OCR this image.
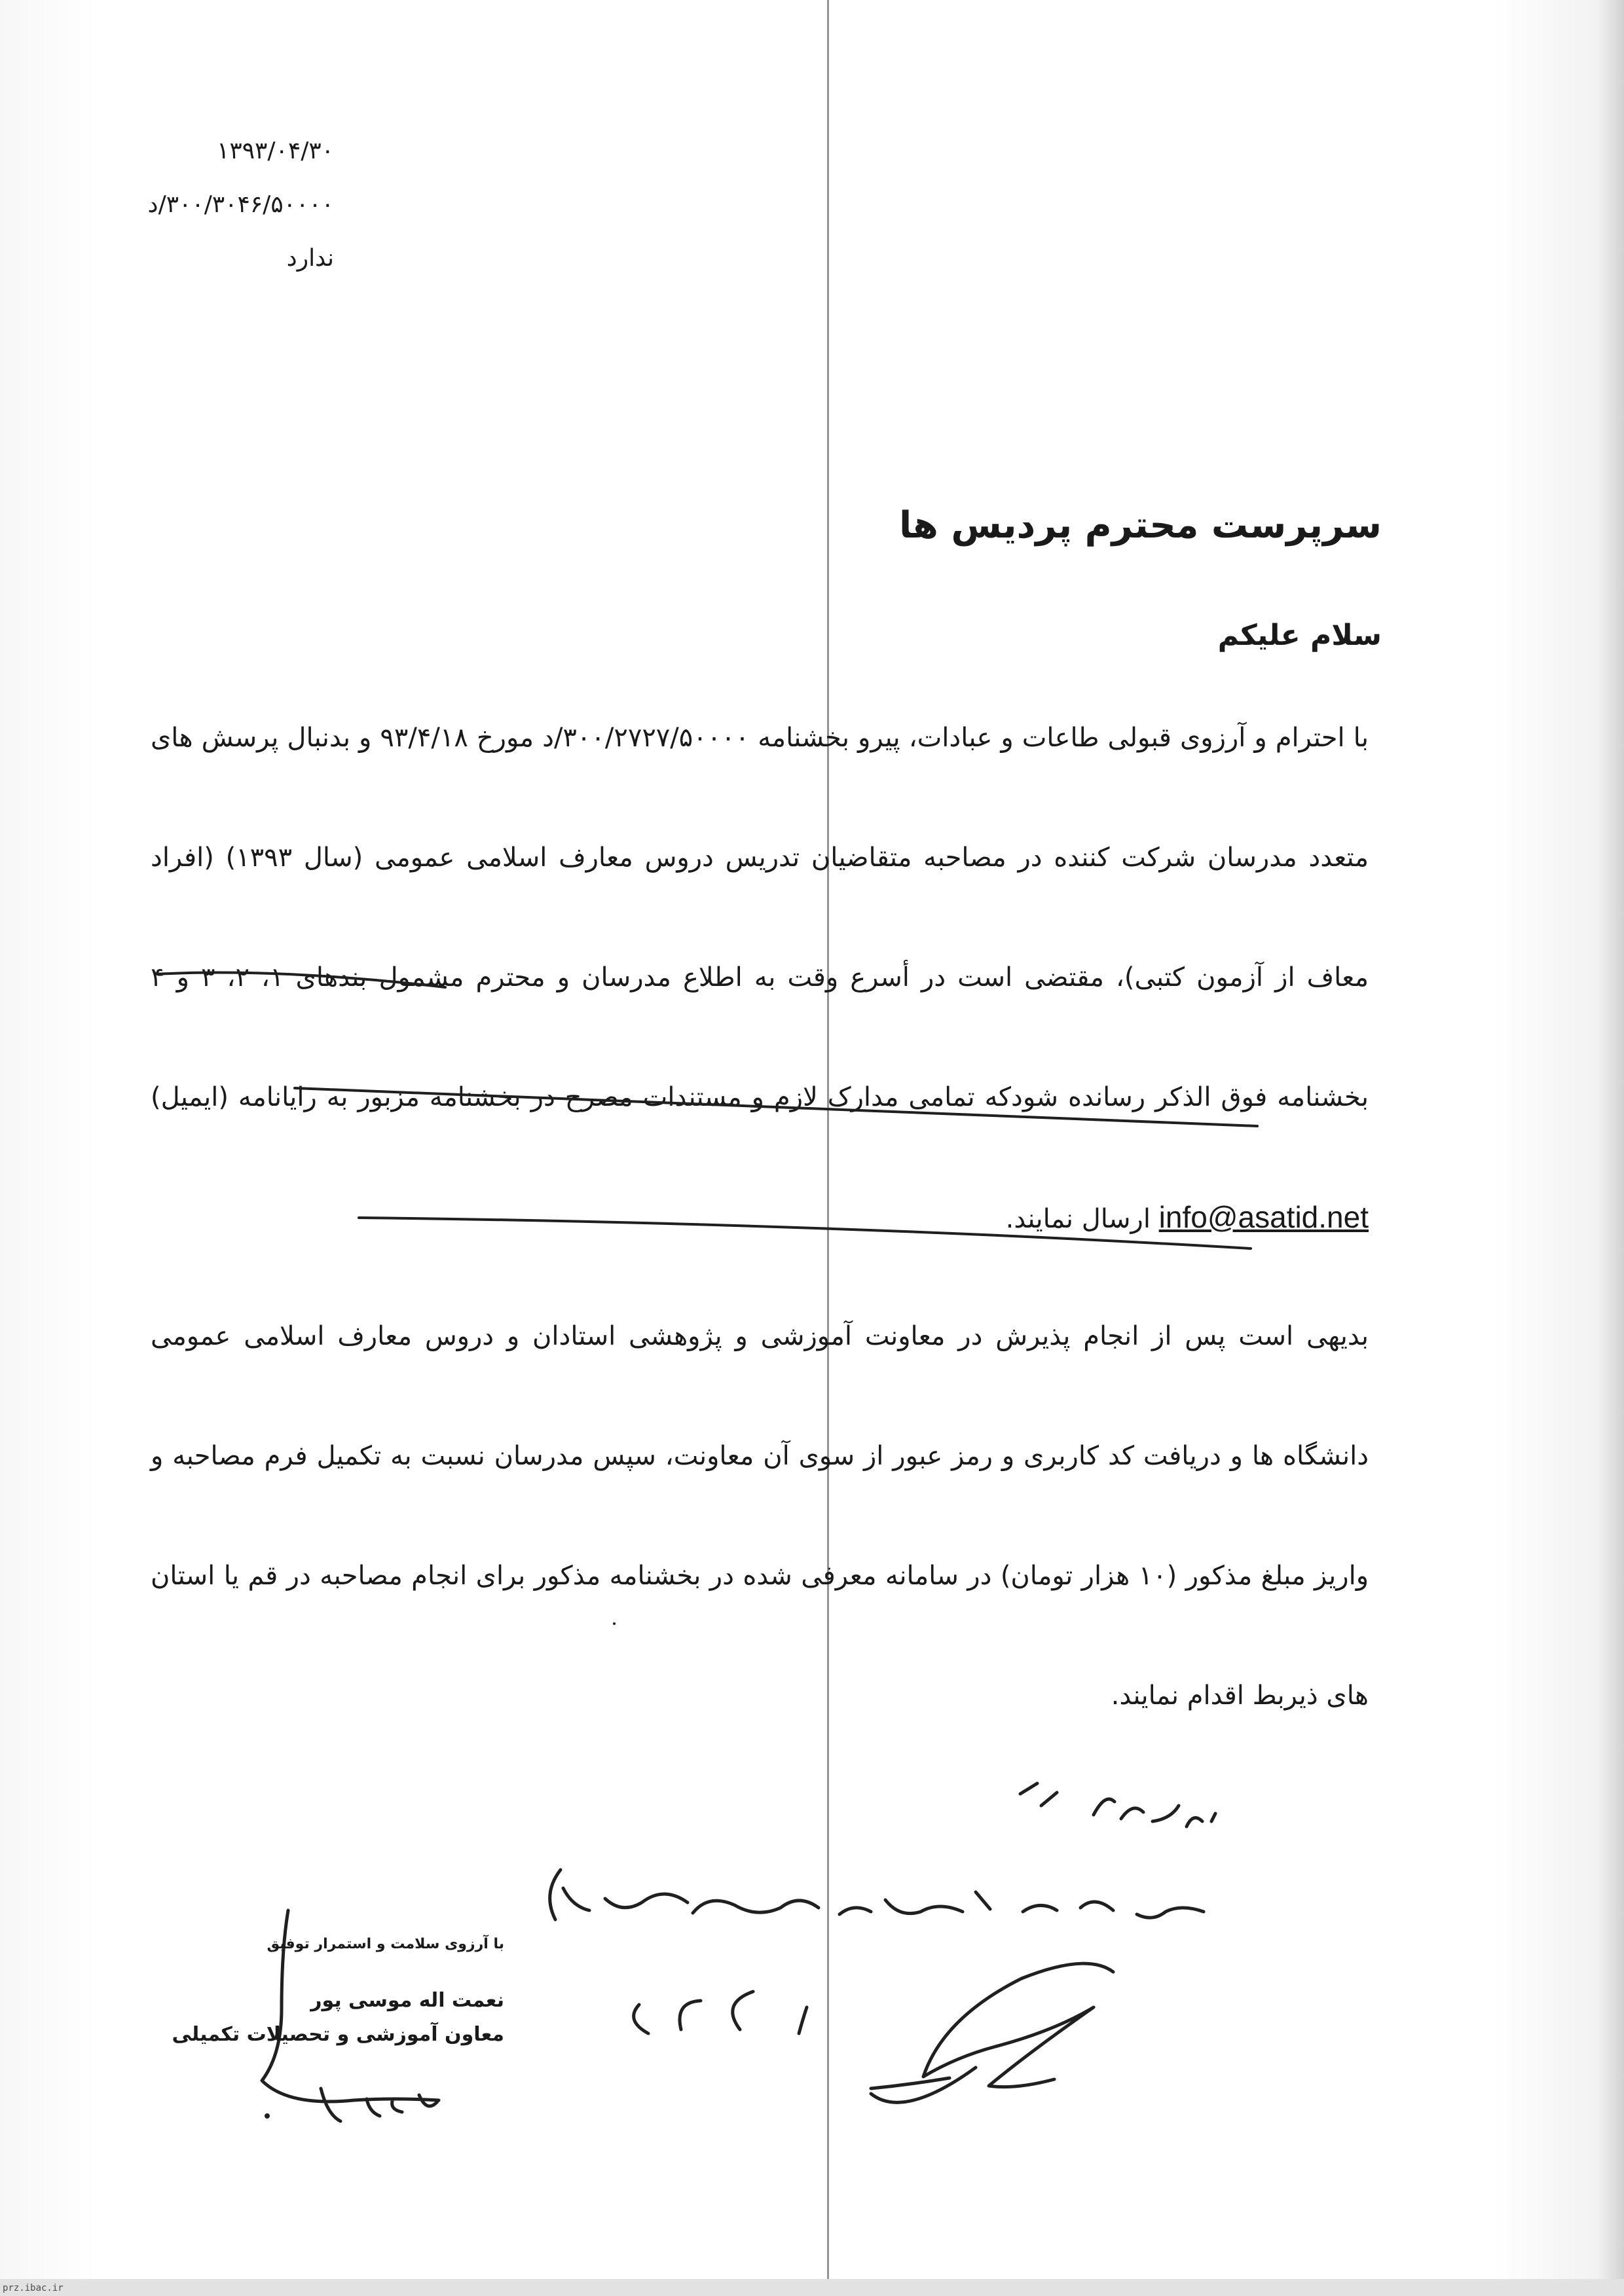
۱۳۹۳/۰۴/۳۰
۳۰۰/۳۰۴۶/۵۰۰۰۰/د
ندارد
سرپرست محترم پردیس ها
سلام علیکم
با احترام و آرزوی قبولی طاعات و عبادات، پیرو بخشنامه ۳۰۰/۲۷۲۷/۵۰۰۰۰/د مورخ ۹۳/۴/۱۸ و بدنبال پرسش های متعدد مدرسان شرکت کننده در مصاحبه متقاضیان تدریس دروس معارف اسلامی عمومی (سال ۱۳۹۳) (افراد معاف از آزمون کتبی)، مقتضی است در أسرع وقت به اطلاع مدرسان و محترم مشمول بندهای ۱، ۲، ۳ و ۴ بخشنامه فوق الذکر رسانده شودکه تمامی مدارک لازم و مستندات مصرح در بخشنامه مزبور به رایانامه (ایمیل) info@asatid.net ارسال نمایند.
بدیهی است پس از انجام پذیرش در معاونت آموزشی و پژوهشی استادان و دروس معارف اسلامی عمومی دانشگاه ها و دریافت کد کاربری و رمز عبور از سوی آن معاونت، سپس مدرسان نسبت به تکمیل فرم مصاحبه و واریز مبلغ مذکور (۱۰ هزار تومان) در سامانه معرفی شده در بخشنامه مذکور برای انجام مصاحبه در قم یا استان های ذیربط اقدام نمایند.
با آرزوی سلامت و استمرار توفیق
نعمت اله موسی پور
معاون آموزشی و تحصیلات تکمیلی
prz.ibac.ir
